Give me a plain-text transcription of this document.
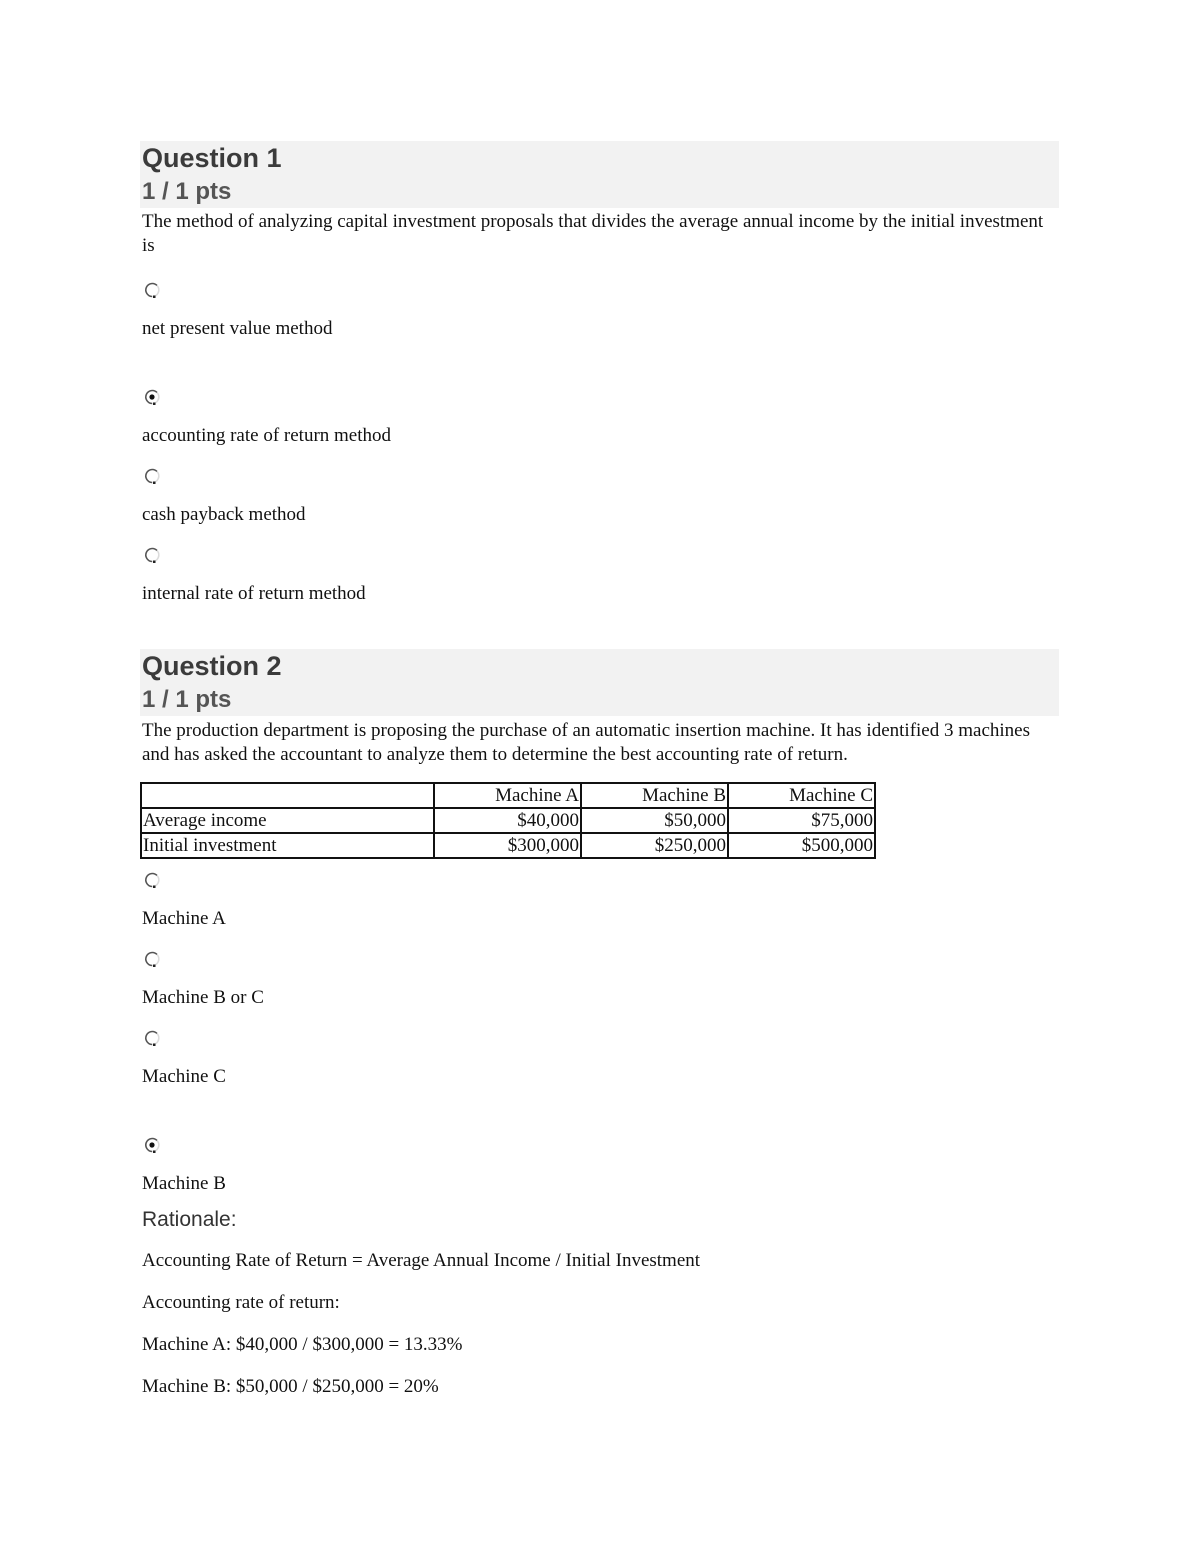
Question 1
1 / 1 pts
The method of analyzing capital investment proposals that divides the average annual income by the initial investment is
net present value method
accounting rate of return method
cash payback method
internal rate of return method
Question 2
1 / 1 pts
The production department is proposing the purchase of an automatic insertion machine. It has identified 3 machines and has asked the accountant to analyze them to determine the best accounting rate of return.
	Machine A	Machine B	Machine C
Average income	$40,000	$50,000	$75,000
Initial investment	$300,000	$250,000	$500,000
Machine A
Machine B or C
Machine C
Machine B
Rationale:
Accounting Rate of Return = Average Annual Income / Initial Investment
Accounting rate of return:
Machine A: $40,000 / $300,000 = 13.33%
Machine B: $50,000 / $250,000 = 20%
